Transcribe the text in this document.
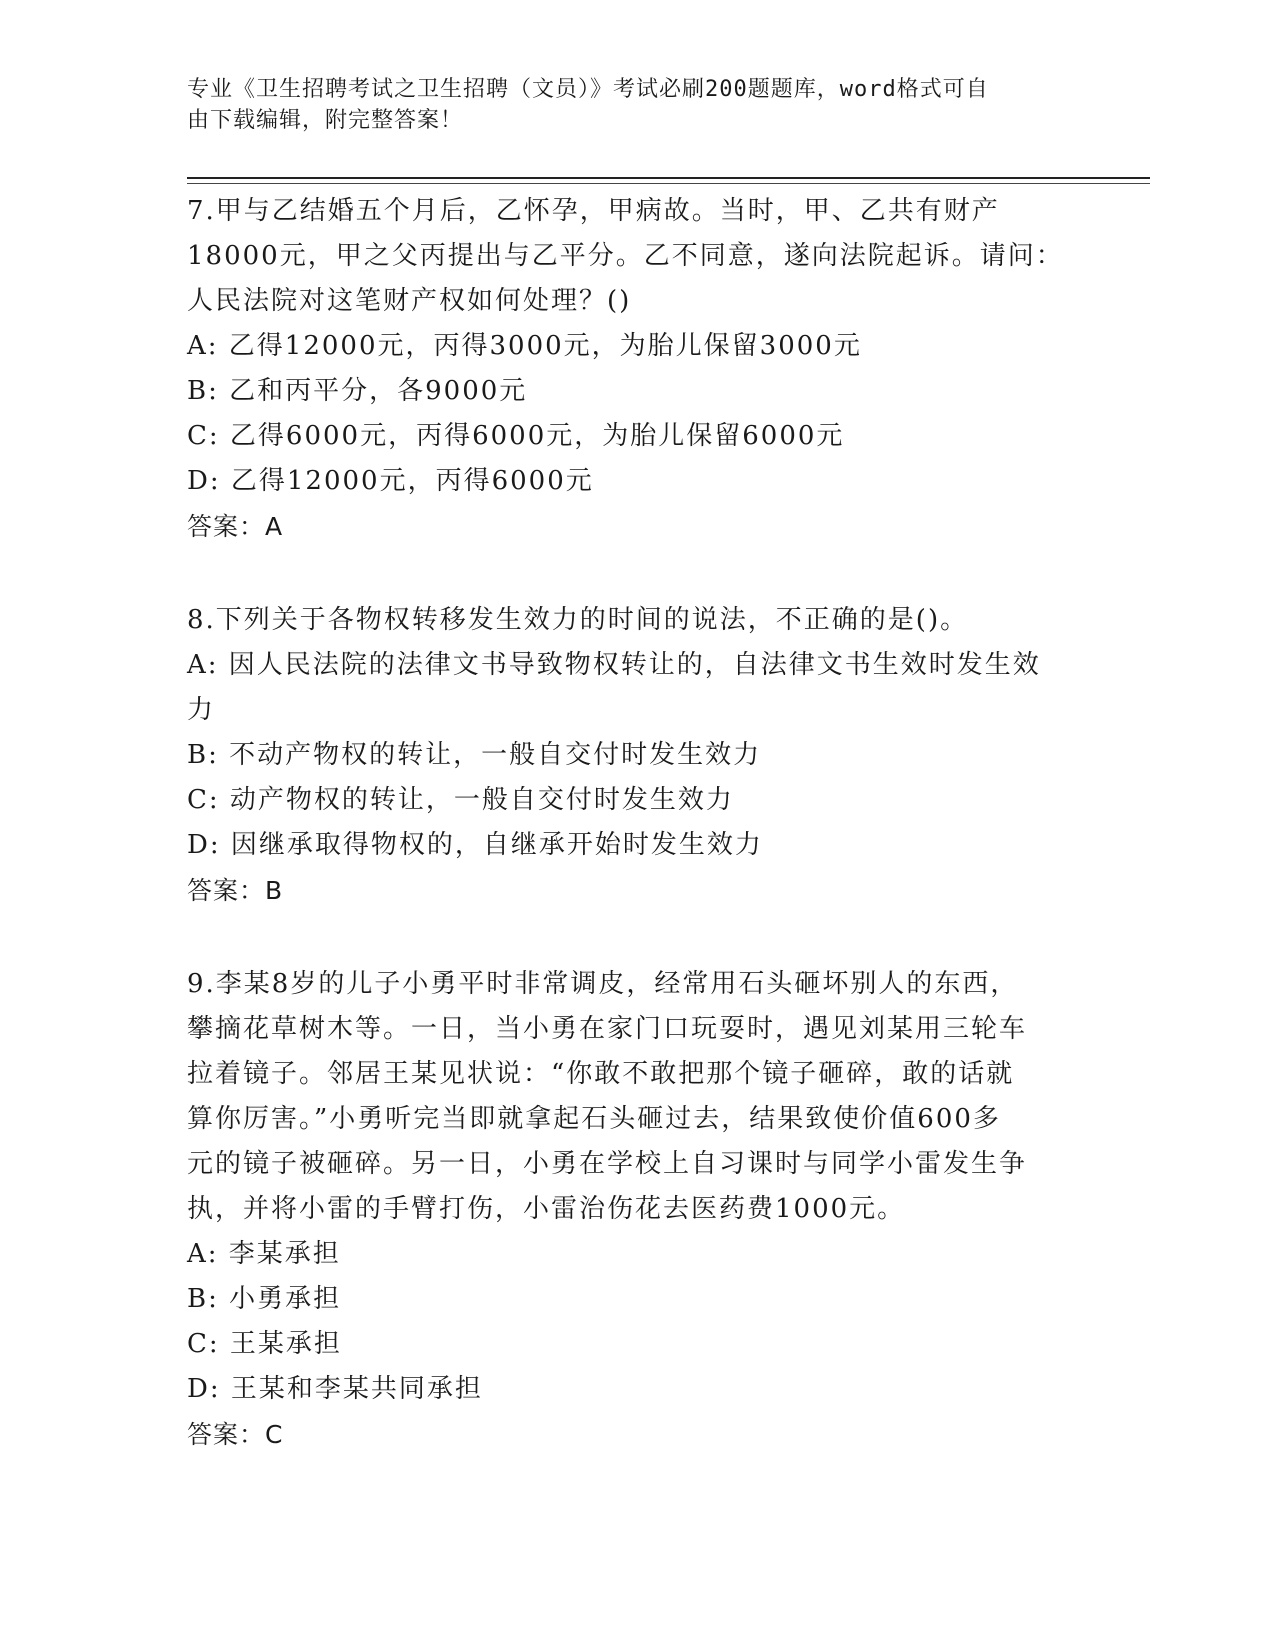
专业《卫生招聘考试之卫生招聘（文员）》考试必刷200题题库，word格式可自
由下载编辑，附完整答案！
7.甲与乙结婚五个月后，乙怀孕，甲病故。当时，甲、乙共有财产
18000元，甲之父丙提出与乙平分。乙不同意，遂向法院起诉。请问：
人民法院对这笔财产权如何处理？()
A: 乙得12000元，丙得3000元，为胎儿保留3000元
B: 乙和丙平分，各9000元
C: 乙得6000元，丙得6000元，为胎儿保留6000元
D: 乙得12000元，丙得6000元
答案：A
8.下列关于各物权转移发生效力的时间的说法，不正确的是()。
A: 因人民法院的法律文书导致物权转让的，自法律文书生效时发生效
力
B: 不动产物权的转让，一般自交付时发生效力
C: 动产物权的转让，一般自交付时发生效力
D: 因继承取得物权的，自继承开始时发生效力
答案：B
9.李某8岁的儿子小勇平时非常调皮，经常用石头砸坏别人的东西，
攀摘花草树木等。一日，当小勇在家门口玩耍时，遇见刘某用三轮车
拉着镜子。邻居王某见状说：“你敢不敢把那个镜子砸碎，敢的话就
算你厉害。”小勇听完当即就拿起石头砸过去，结果致使价值600多
元的镜子被砸碎。另一日，小勇在学校上自习课时与同学小雷发生争
执，并将小雷的手臂打伤，小雷治伤花去医药费1000元。
A: 李某承担
B: 小勇承担
C: 王某承担
D: 王某和李某共同承担
答案：C
